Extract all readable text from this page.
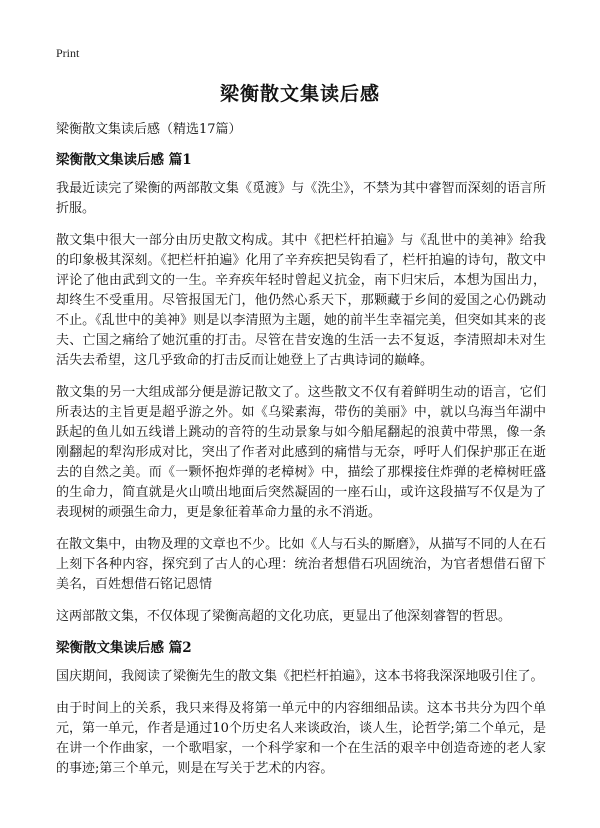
Print
梁衡散文集读后感

梁衡散文集读后感（精选17篇）

梁衡散文集读后感 篇1

我最近读完了梁衡的两部散文集《觅渡》与《洗尘》，不禁为其中睿智而深刻的语言所折服。

散文集中很大一部分由历史散文构成。其中《把栏杆拍遍》与《乱世中的美神》给我的印象极其深刻。《把栏杆拍遍》化用了辛弃疾把吴钩看了，栏杆拍遍的诗句，散文中评论了他由武到文的一生。辛弃疾年轻时曾起义抗金，南下归宋后，本想为国出力，却终生不受重用。尽管报国无门，他仍然心系天下，那颗藏于乡间的爱国之心仍跳动不止。《乱世中的美神》则是以李清照为主题，她的前半生幸福完美，但突如其来的丧夫、亡国之痛给了她沉重的打击。尽管在昔安逸的生活一去不复返，李清照却未对生活失去希望，这几乎致命的打击反而让她登上了古典诗词的巅峰。

散文集的另一大组成部分便是游记散文了。这些散文不仅有着鲜明生动的语言，它们所表达的主旨更是超乎游之外。如《乌梁素海，带伤的美丽》中，就以乌海当年湖中跃起的鱼儿如五线谱上跳动的音符的生动景象与如今船尾翻起的浪黄中带黑，像一条刚翻起的犁沟形成对比，突出了作者对此感到的痛惜与无奈，呼吁人们保护那正在逝去的自然之美。而《一颗怀抱炸弹的老樟树》中，描绘了那棵接住炸弹的老樟树旺盛的生命力，简直就是火山喷出地面后突然凝固的一座石山，或许这段描写不仅是为了表现树的顽强生命力，更是象征着革命力量的永不消逝。

在散文集中，由物及理的文章也不少。比如《人与石头的厮磨》，从描写不同的人在石上刻下各种内容，探究到了古人的心理：统治者想借石巩固统治，为官者想借石留下美名，百姓想借石铭记恩情

这两部散文集，不仅体现了梁衡高超的文化功底，更显出了他深刻睿智的哲思。

梁衡散文集读后感 篇2

国庆期间，我阅读了梁衡先生的散文集《把栏杆拍遍》，这本书将我深深地吸引住了。

由于时间上的关系，我只来得及将第一单元中的内容细细品读。这本书共分为四个单元，第一单元，作者是通过10个历史名人来谈政治，谈人生，论哲学;第二个单元，是在讲一个作曲家，一个歌唱家，一个科学家和一个在生活的艰辛中创造奇迹的老人家的事迹;第三个单元，则是在写关于艺术的内容。
